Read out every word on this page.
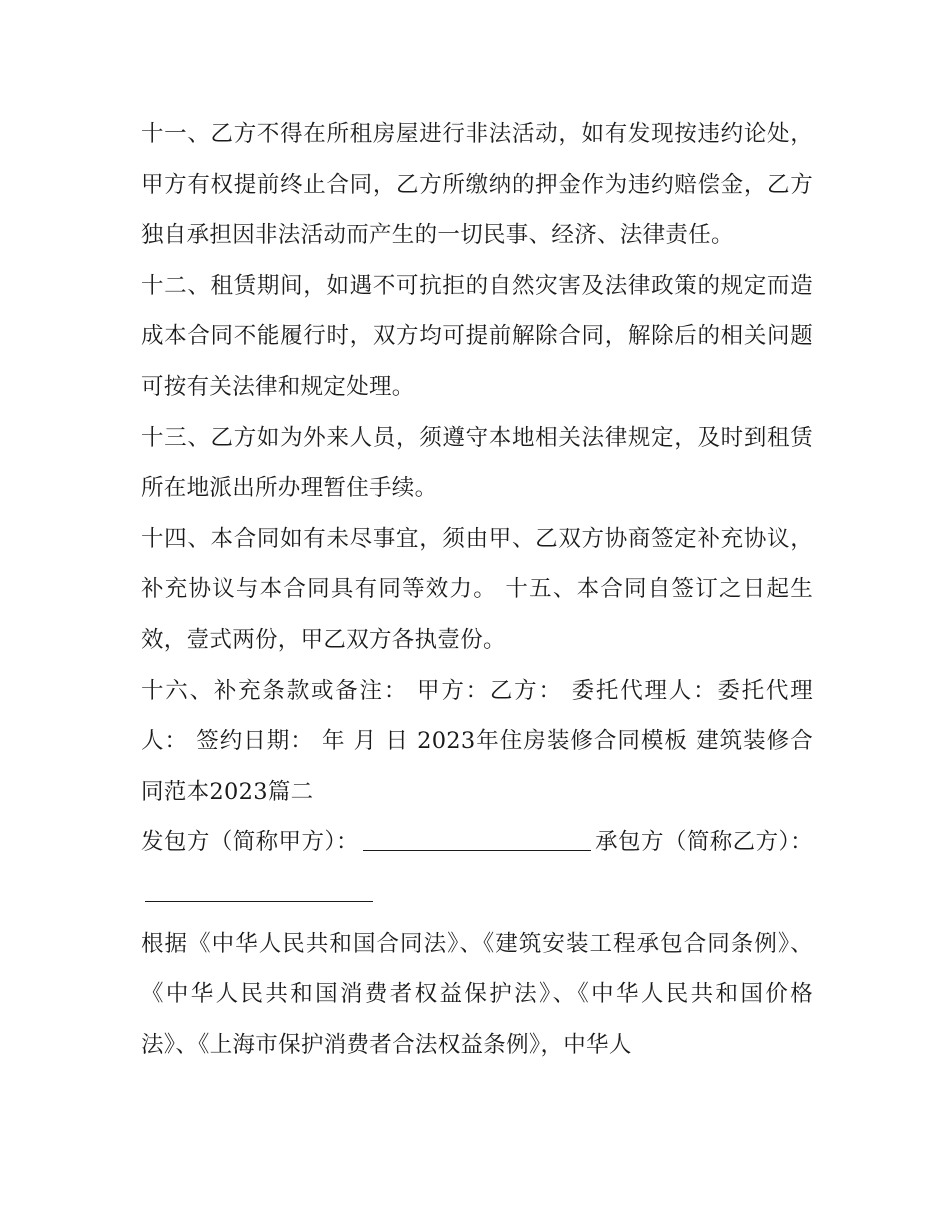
十一、乙方不得在所租房屋进行非法活动，如有发现按违约论处，甲方有权提前终止合同，乙方所缴纳的押金作为违约赔偿金，乙方独自承担因非法活动而产生的一切民事、经济、法律责任。

十二、租赁期间，如遇不可抗拒的自然灾害及法律政策的规定而造成本合同不能履行时，双方均可提前解除合同，解除后的相关问题可按有关法律和规定处理。

十三、乙方如为外来人员，须遵守本地相关法律规定，及时到租赁所在地派出所办理暂住手续。

十四、本合同如有未尽事宜，须由甲、乙双方协商签定补充协议，补充协议与本合同具有同等效力。 十五、本合同自签订之日起生效，壹式两份，甲乙双方各执壹份。

十六、补充条款或备注： 甲方：乙方： 委托代理人：委托代理人： 签约日期： 年 月 日 2023年住房装修合同模板 建筑装修合同范本2023篇二

发包方（简称甲方）：	承包方（简称乙方）：

根据《中华人民共和国合同法》、《建筑安装工程承包合同条例》、《中华人民共和国消费者权益保护法》、《中华人民共和国价格法》、《上海市保护消费者合法权益条例》，中华人
